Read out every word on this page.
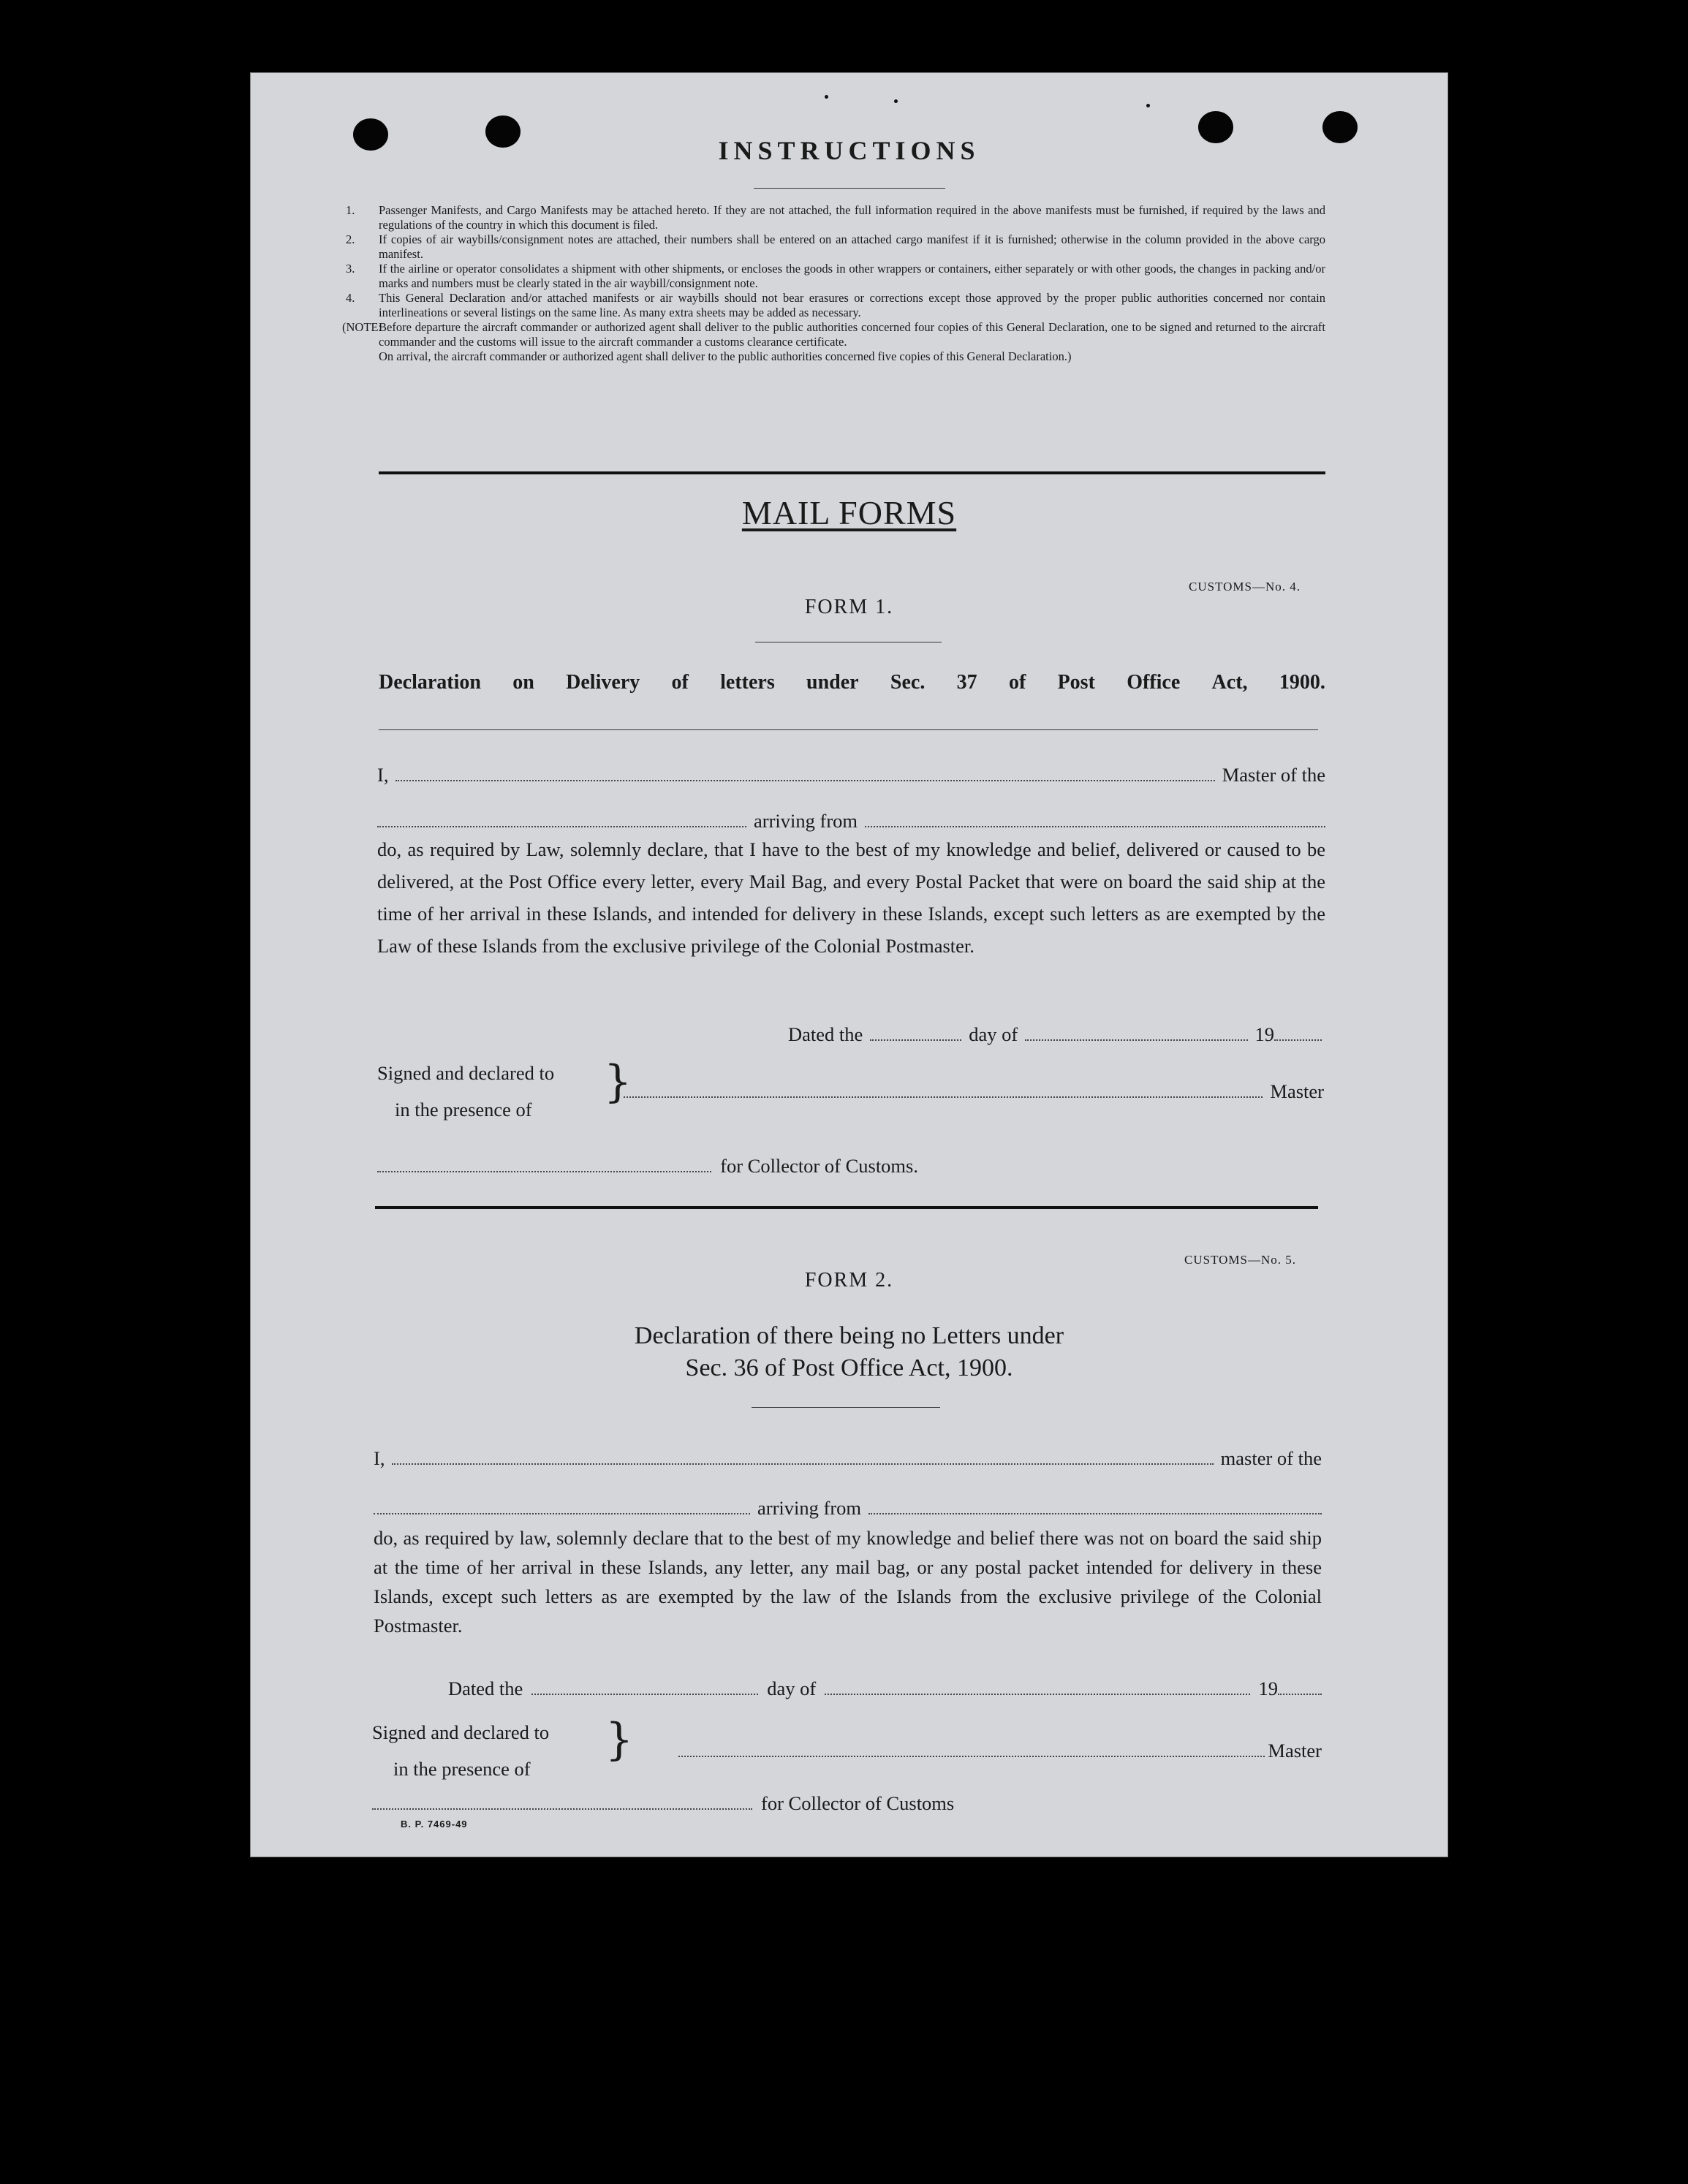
INSTRUCTIONS

1. Passenger Manifests, and Cargo Manifests may be attached hereto. If they are not attached, the full information required in the above manifests must be furnished, if required by the laws and regulations of the country in which this document is filed.

2. If copies of air waybills/consignment notes are attached, their numbers shall be entered on an attached cargo manifest if it is furnished; otherwise in the column provided in the above cargo manifest.

3. If the airline or operator consolidates a shipment with other shipments, or encloses the goods in other wrappers or containers, either separately or with other goods, the changes in packing and/or marks and numbers must be clearly stated in the air waybill/consignment note.

4. This General Declaration and/or attached manifests or air waybills should not bear erasures or corrections except those approved by the proper public authorities concerned nor contain interlineations or several listings on the same line. As many extra sheets may be added as necessary.

(NOTE:
Before departure the aircraft commander or authorized agent shall deliver to the public authorities concerned four copies of this General Declaration, one to be signed and returned to the aircraft commander and the customs will issue to the aircraft commander a customs clearance certificate.

On arrival, the aircraft commander or authorized agent shall deliver to the public authorities concerned five copies of this General Declaration.)

MAIL FORMS
CUSTOMS—No. 4.
FORM 1.
Declaration on Delivery of letters under Sec. 37 of Post Office Act, 1900.
I,	Master of the
arriving from
do, as required by Law, solemnly declare, that I have to the best of my knowledge and belief, delivered or caused to be delivered, at the Post Office every letter, every Mail Bag, and every Postal Packet that were on board the said ship at the time of her arrival in these Islands, and intended for delivery in these Islands, except such letters as are exempted by the Law of these Islands from the exclusive privilege of the Colonial Postmaster.
Dated the	day of	19
Signed and declared to
in the presence of
}	Master
for Collector of Customs.
CUSTOMS—No. 5.
FORM 2.
Declaration of there being no Letters under
Sec. 36 of Post Office Act, 1900.
I,	master of the
arriving from
do, as required by law, solemnly declare that to the best of my knowledge and belief there was not on board the said ship at the time of her arrival in these Islands, any letter, any mail bag, or any postal packet intended for delivery in these Islands, except such letters as are exempted by the law of the Islands from the exclusive privilege of the Colonial Postmaster.
Dated the	day of	19
Signed and declared to
in the presence of
}	Master
for Collector of Customs
B. P. 7469-49
